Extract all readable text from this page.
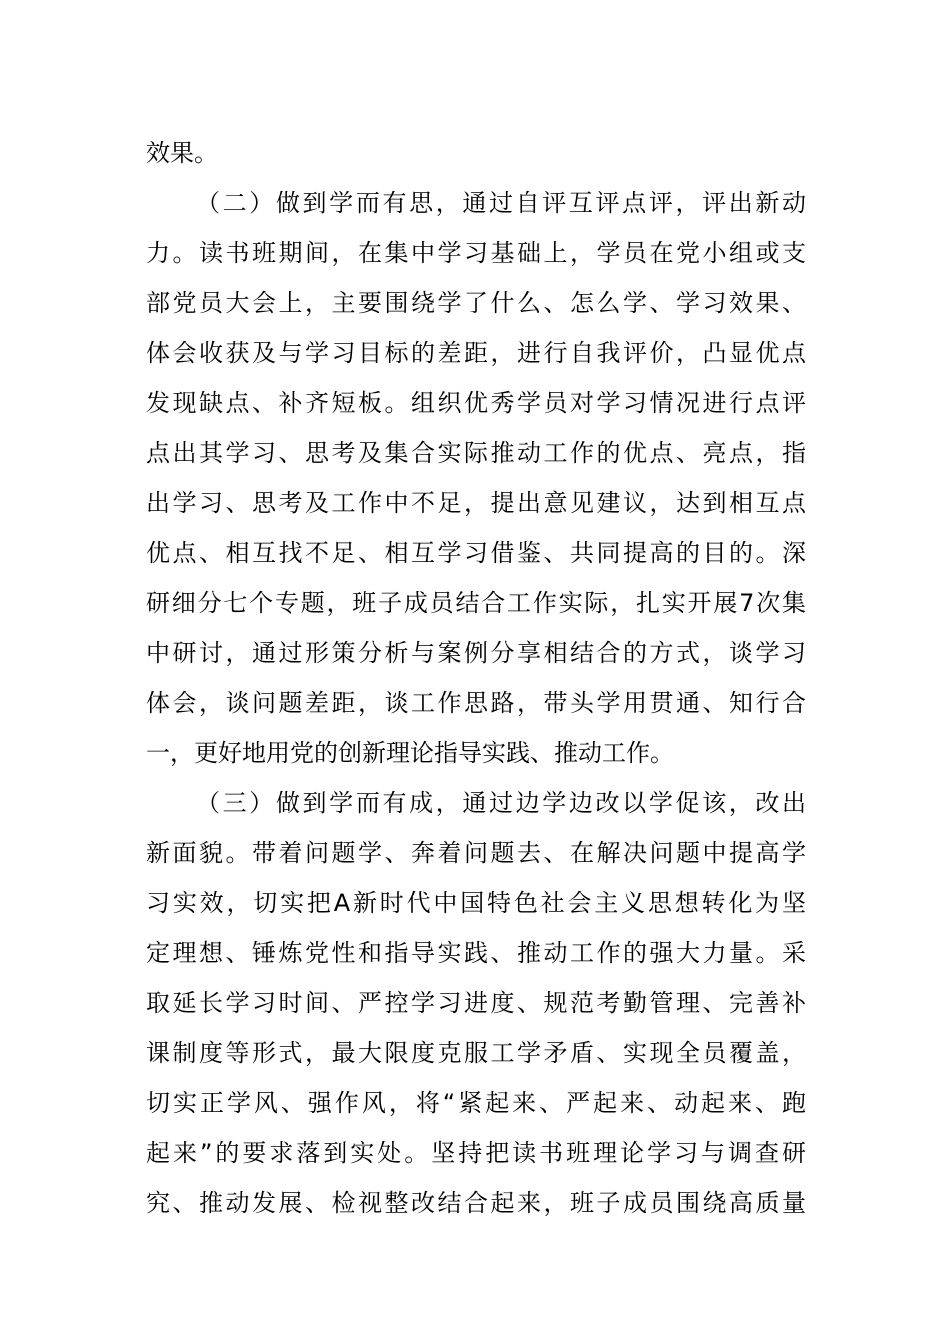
效果。
（二）做到学而有思，通过自评互评点评，评出新动
力。读书班期间，在集中学习基础上，学员在党小组或支
部党员大会上，主要围绕学了什么、怎么学、学习效果、
体会收获及与学习目标的差距，进行自我评价，凸显优点
发现缺点、补齐短板。组织优秀学员对学习情况进行点评
点出其学习、思考及集合实际推动工作的优点、亮点，指
出学习、思考及工作中不足，提出意见建议，达到相互点
优点、相互找不足、相互学习借鉴、共同提高的目的。深
研细分七个专题，班子成员结合工作实际，扎实开展7次集
中研讨，通过形策分析与案例分享相结合的方式，谈学习
体会，谈问题差距，谈工作思路，带头学用贯通、知行合
一，更好地用党的创新理论指导实践、推动工作。
（三）做到学而有成，通过边学边改以学促该，改出
新面貌。带着问题学、奔着问题去、在解决问题中提高学
习实效，切实把A新时代中国特色社会主义思想转化为坚
定理想、锤炼党性和指导实践、推动工作的强大力量。采
取延长学习时间、严控学习进度、规范考勤管理、完善补
课制度等形式，最大限度克服工学矛盾、实现全员覆盖，
切实正学风、强作风，将“紧起来、严起来、动起来、跑
起来”的要求落到实处。坚持把读书班理论学习与调查研
究、推动发展、检视整改结合起来，班子成员围绕高质量
